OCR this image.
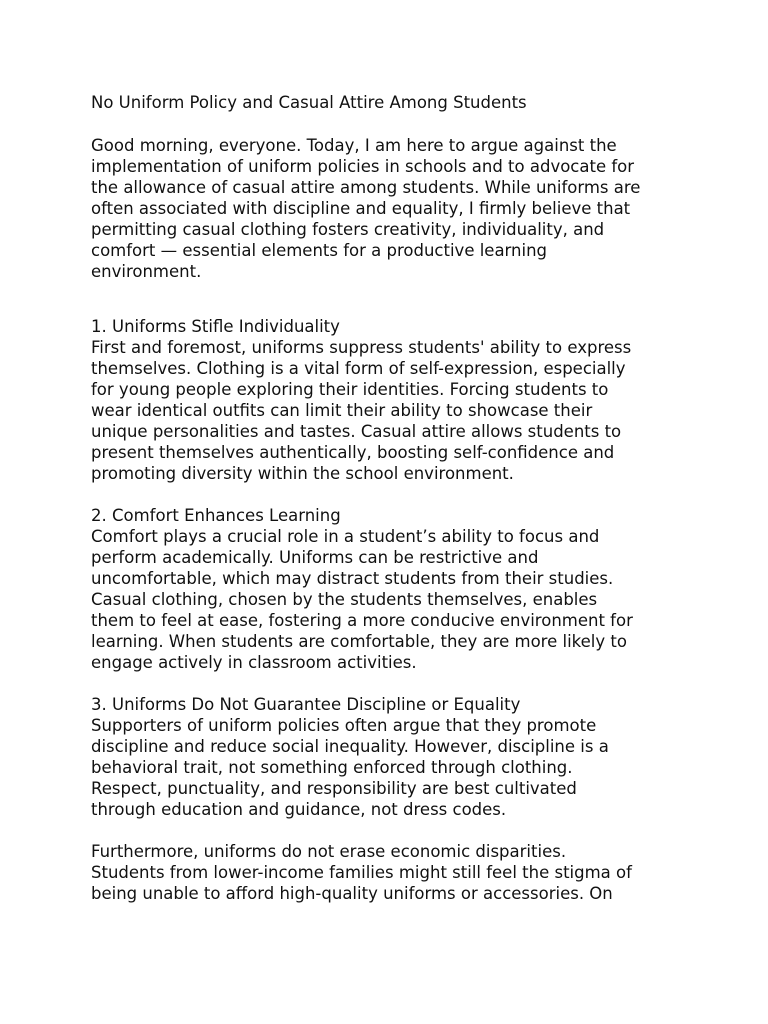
No Uniform Policy and Casual Attire Among Students

Good morning, everyone. Today, I am here to argue against the

implementation of uniform policies in schools and to advocate for

the allowance of casual attire among students. While uniforms are

often associated with discipline and equality, I firmly believe that

permitting casual clothing fosters creativity, individuality, and

comfort — essential elements for a productive learning

environment.

1. Uniforms Stifle Individuality

First and foremost, uniforms suppress students' ability to express

themselves. Clothing is a vital form of self-expression, especially

for young people exploring their identities. Forcing students to

wear identical outfits can limit their ability to showcase their

unique personalities and tastes. Casual attire allows students to

present themselves authentically, boosting self-confidence and

promoting diversity within the school environment.

2. Comfort Enhances Learning

Comfort plays a crucial role in a student’s ability to focus and

perform academically. Uniforms can be restrictive and

uncomfortable, which may distract students from their studies.

Casual clothing, chosen by the students themselves, enables

them to feel at ease, fostering a more conducive environment for

learning. When students are comfortable, they are more likely to

engage actively in classroom activities.

3. Uniforms Do Not Guarantee Discipline or Equality

Supporters of uniform policies often argue that they promote

discipline and reduce social inequality. However, discipline is a

behavioral trait, not something enforced through clothing.

Respect, punctuality, and responsibility are best cultivated

through education and guidance, not dress codes.

Furthermore, uniforms do not erase economic disparities.

Students from lower-income families might still feel the stigma of

being unable to afford high-quality uniforms or accessories. On
